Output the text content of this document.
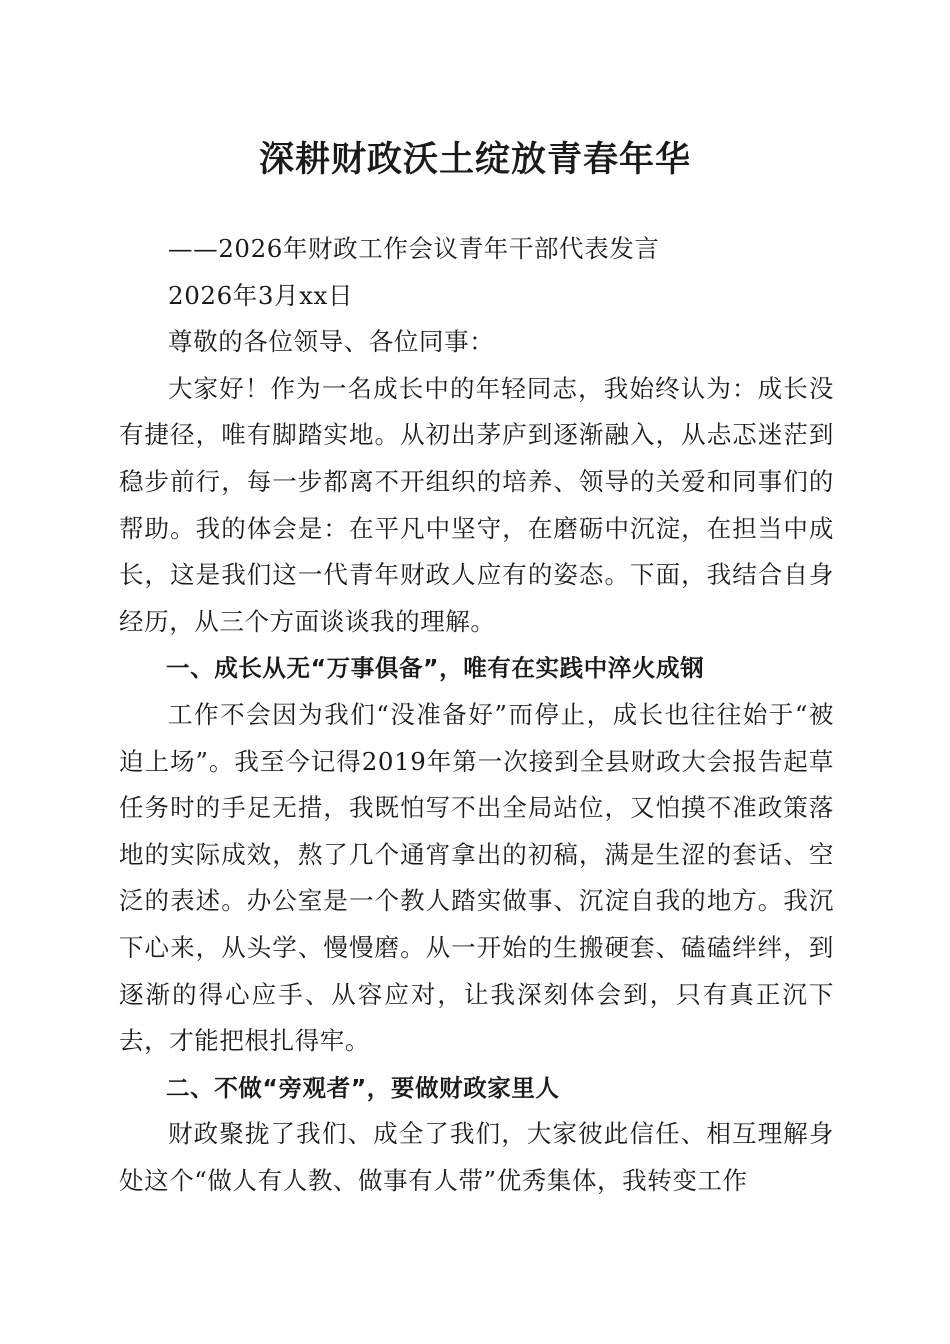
深耕财政沃土绽放青春年华

——2026年财政工作会议青年干部代表发言

2026年3月xx日

尊敬的各位领导、各位同事：

大家好！作为一名成长中的年轻同志，我始终认为：成长没有捷径，唯有脚踏实地。从初出茅庐到逐渐融入，从忐忑迷茫到稳步前行，每一步都离不开组织的培养、领导的关爱和同事们的帮助。我的体会是：在平凡中坚守，在磨砺中沉淀，在担当中成长，这是我们这一代青年财政人应有的姿态。下面，我结合自身经历，从三个方面谈谈我的理解。

一、成长从无“万事俱备”，唯有在实践中淬火成钢

工作不会因为我们“没准备好”而停止，成长也往往始于“被迫上场”。我至今记得2019年第一次接到全县财政大会报告起草任务时的手足无措，我既怕写不出全局站位，又怕摸不准政策落地的实际成效，熬了几个通宵拿出的初稿，满是生涩的套话、空泛的表述。办公室是一个教人踏实做事、沉淀自我的地方。我沉下心来，从头学、慢慢磨。从一开始的生搬硬套、磕磕绊绊，到逐渐的得心应手、从容应对，让我深刻体会到，只有真正沉下去，才能把根扎得牢。

二、不做“旁观者”，要做财政家里人

财政聚拢了我们、成全了我们，大家彼此信任、相互理解身处这个“做人有人教、做事有人带”优秀集体，我转变工作
